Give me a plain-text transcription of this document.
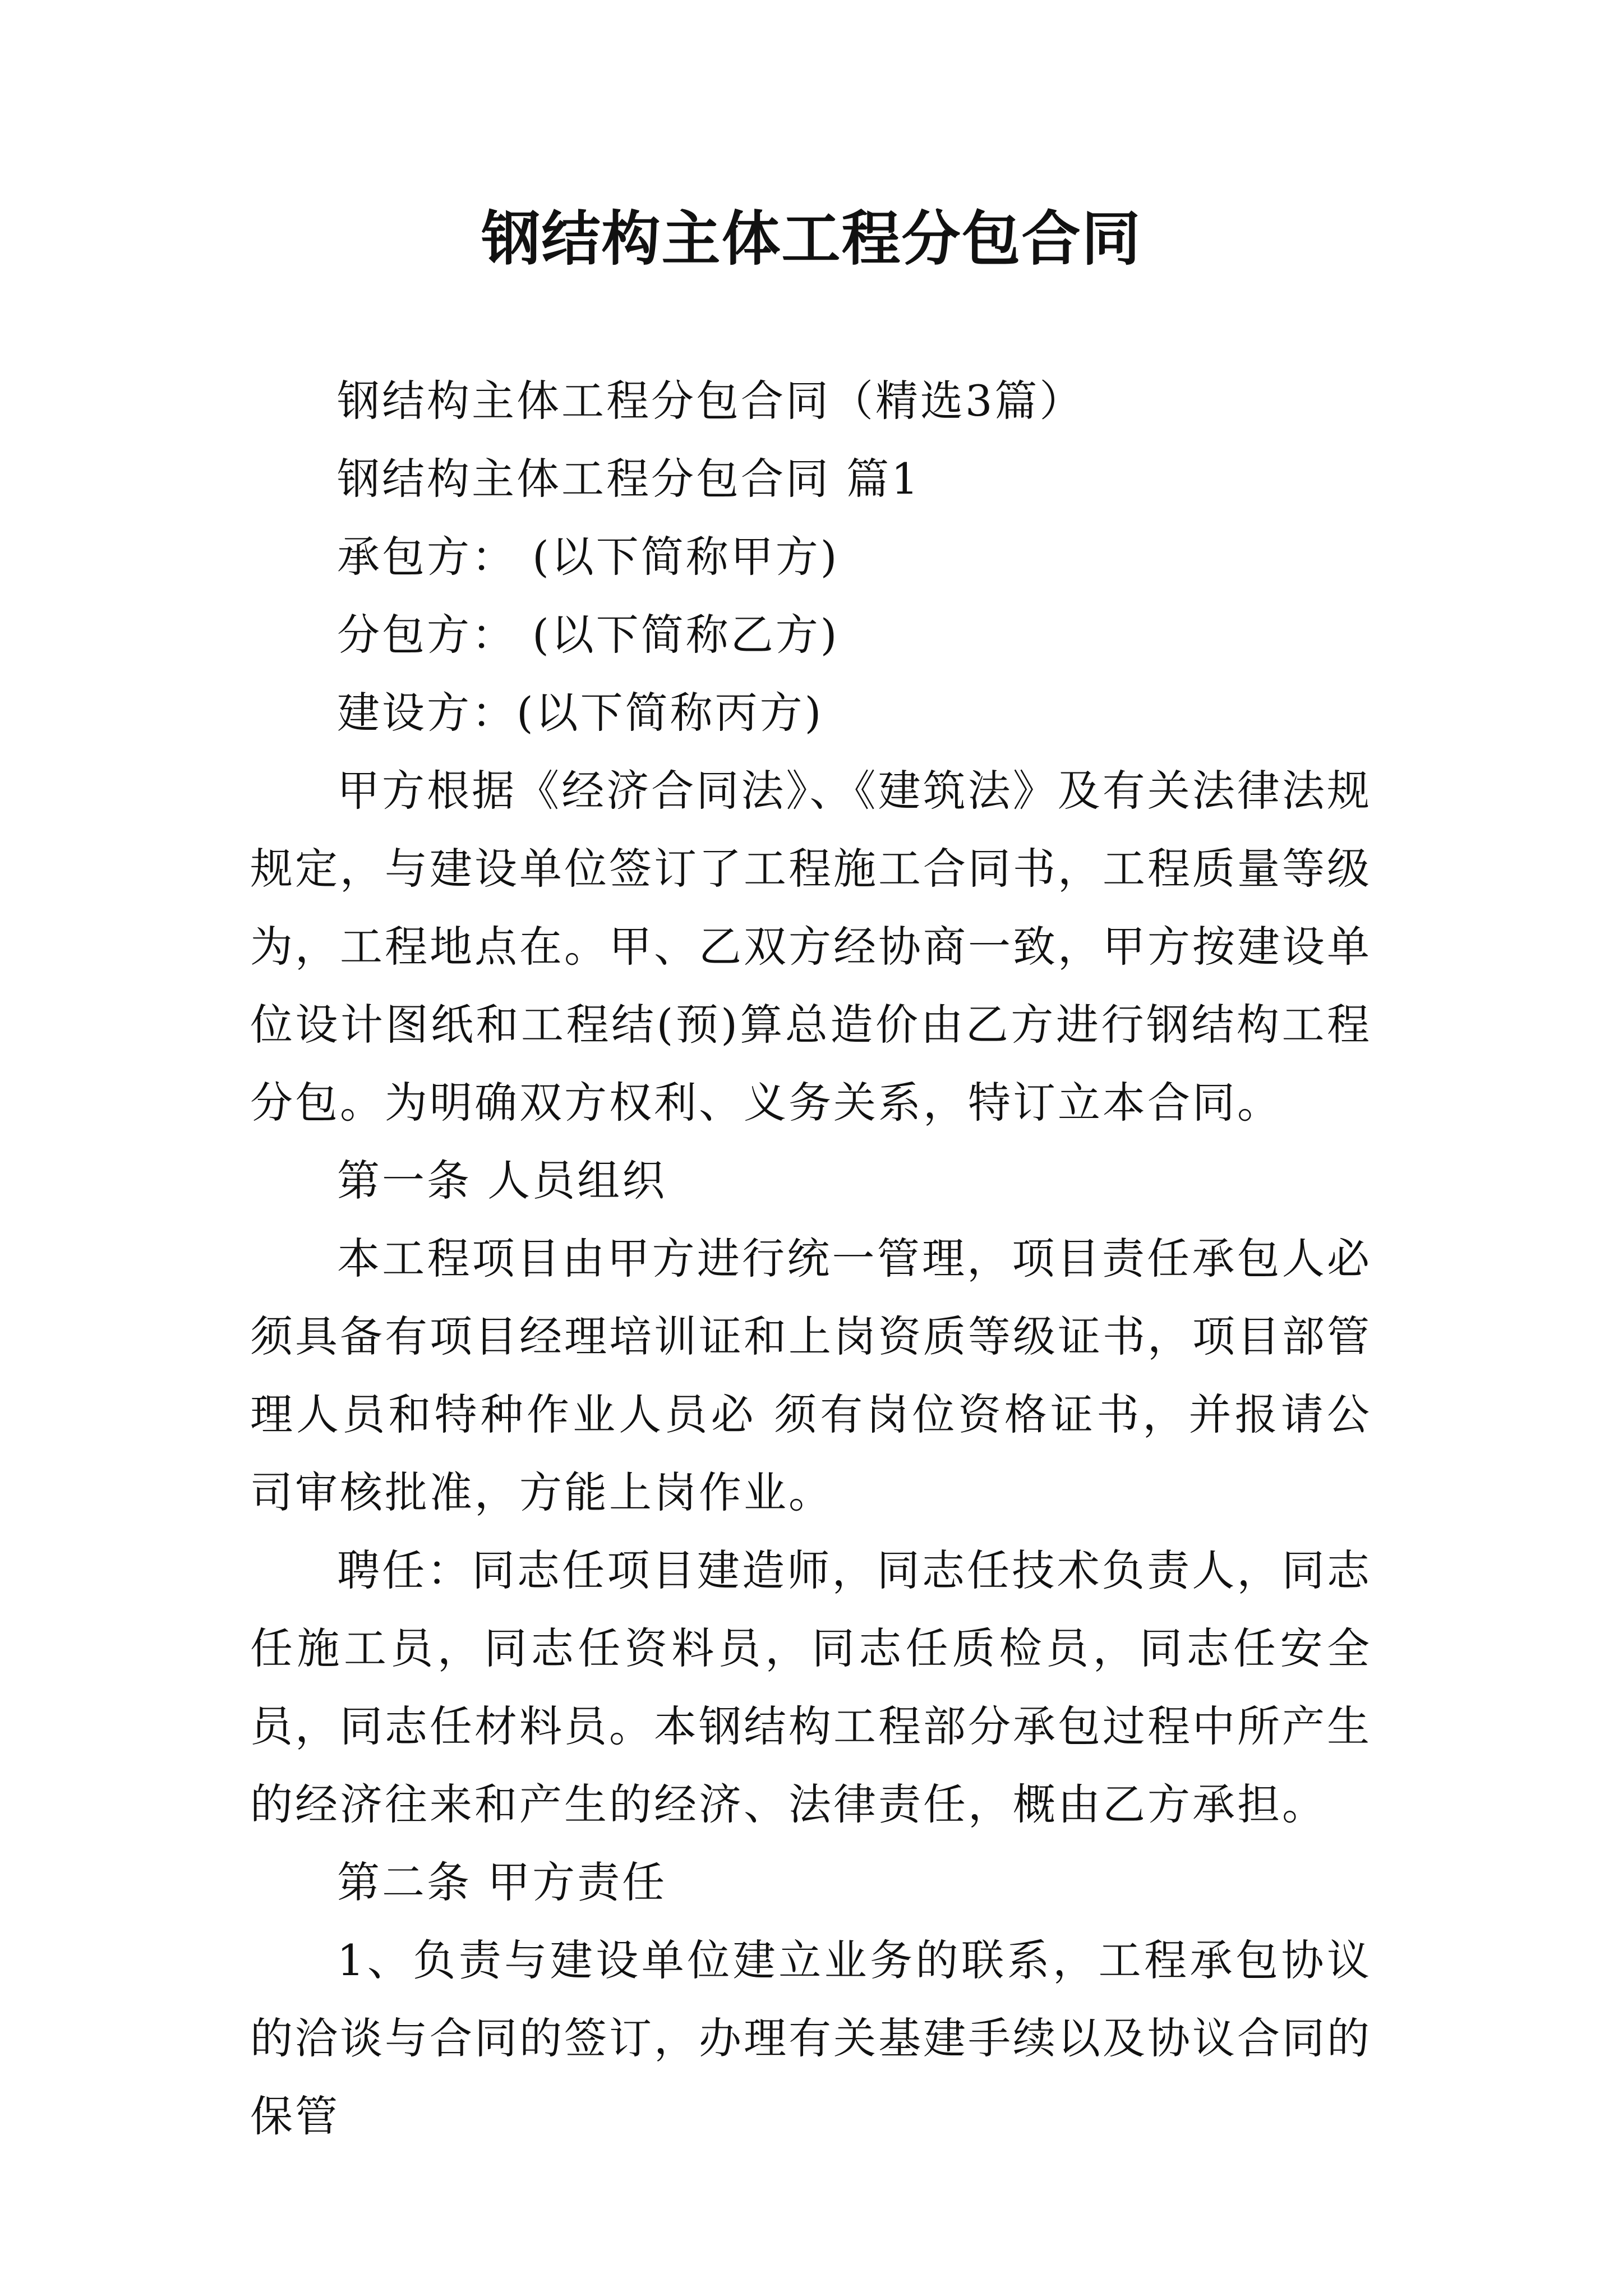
钢结构主体工程分包合同

钢结构主体工程分包合同（精选3篇）

钢结构主体工程分包合同 篇1

承包方： (以下简称甲方)

分包方： (以下简称乙方)

建设方：(以下简称丙方)

甲方根据《经济合同法》、《建筑法》及有关法律法规规定，与建设单位签订了工程施工合同书，工程质量等级为，工程地点在。甲、乙双方经协商一致，甲方按建设单位设计图纸和工程结(预)算总造价由乙方进行钢结构工程分包。为明确双方权利、义务关系，特订立本合同。

第一条 人员组织

本工程项目由甲方进行统一管理，项目责任承包人必须具备有项目经理培训证和上岗资质等级证书，项目部管理人员和特种作业人员必 须有岗位资格证书，并报请公司审核批准，方能上岗作业。

聘任：同志任项目建造师，同志任技术负责人，同志任施工员，同志任资料员，同志任质检员，同志任安全员，同志任材料员。本钢结构工程部分承包过程中所产生的经济往来和产生的经济、法律责任，概由乙方承担。

第二条 甲方责任

1、负责与建设单位建立业务的联系，工程承包协议的洽谈与合同的签订，办理有关基建手续以及协议合同的保管
